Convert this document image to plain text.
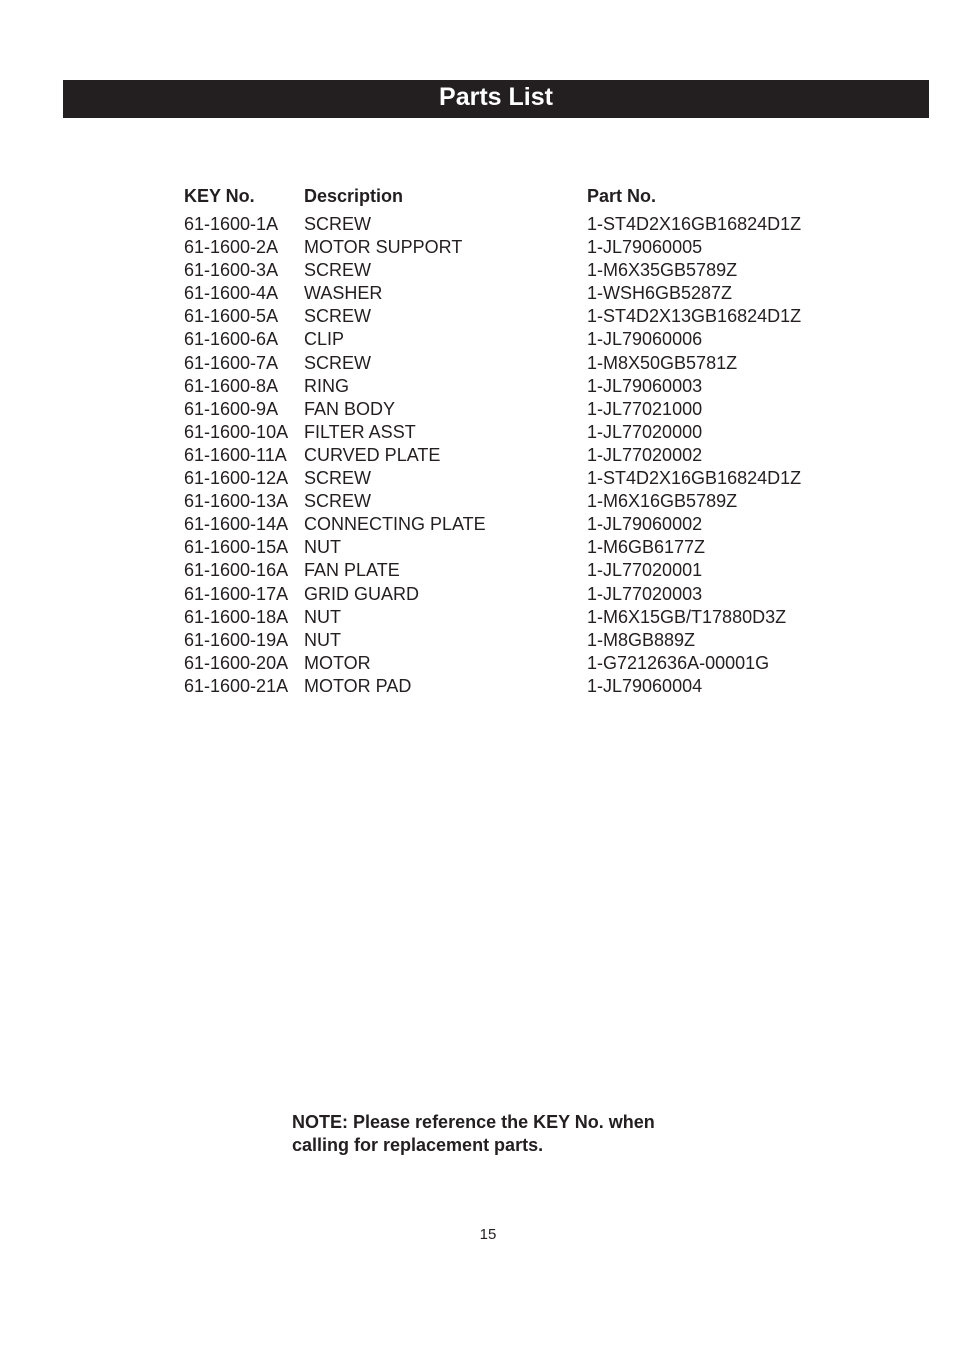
Parts List
KEY No.	Description	Part No.
61-1600-1A	SCREW	1-ST4D2X16GB16824D1Z
61-1600-2A	MOTOR SUPPORT	1-JL79060005
61-1600-3A	SCREW	1-M6X35GB5789Z
61-1600-4A	WASHER	1-WSH6GB5287Z
61-1600-5A	SCREW	1-ST4D2X13GB16824D1Z
61-1600-6A	CLIP	1-JL79060006
61-1600-7A	SCREW	1-M8X50GB5781Z
61-1600-8A	RING	1-JL79060003
61-1600-9A	FAN BODY	1-JL77021000
61-1600-10A	FILTER ASST	1-JL77020000
61-1600-11A	CURVED PLATE	1-JL77020002
61-1600-12A	SCREW	1-ST4D2X16GB16824D1Z
61-1600-13A	SCREW	1-M6X16GB5789Z
61-1600-14A	CONNECTING PLATE	1-JL79060002
61-1600-15A	NUT	1-M6GB6177Z
61-1600-16A	FAN PLATE	1-JL77020001
61-1600-17A	GRID GUARD	1-JL77020003
61-1600-18A	NUT	1-M6X15GB/T17880D3Z
61-1600-19A	NUT	1-M8GB889Z
61-1600-20A	MOTOR	1-G7212636A-00001G
61-1600-21A	MOTOR PAD	1-JL79060004

NOTE: Please reference the KEY No. when

calling for replacement parts.

15
